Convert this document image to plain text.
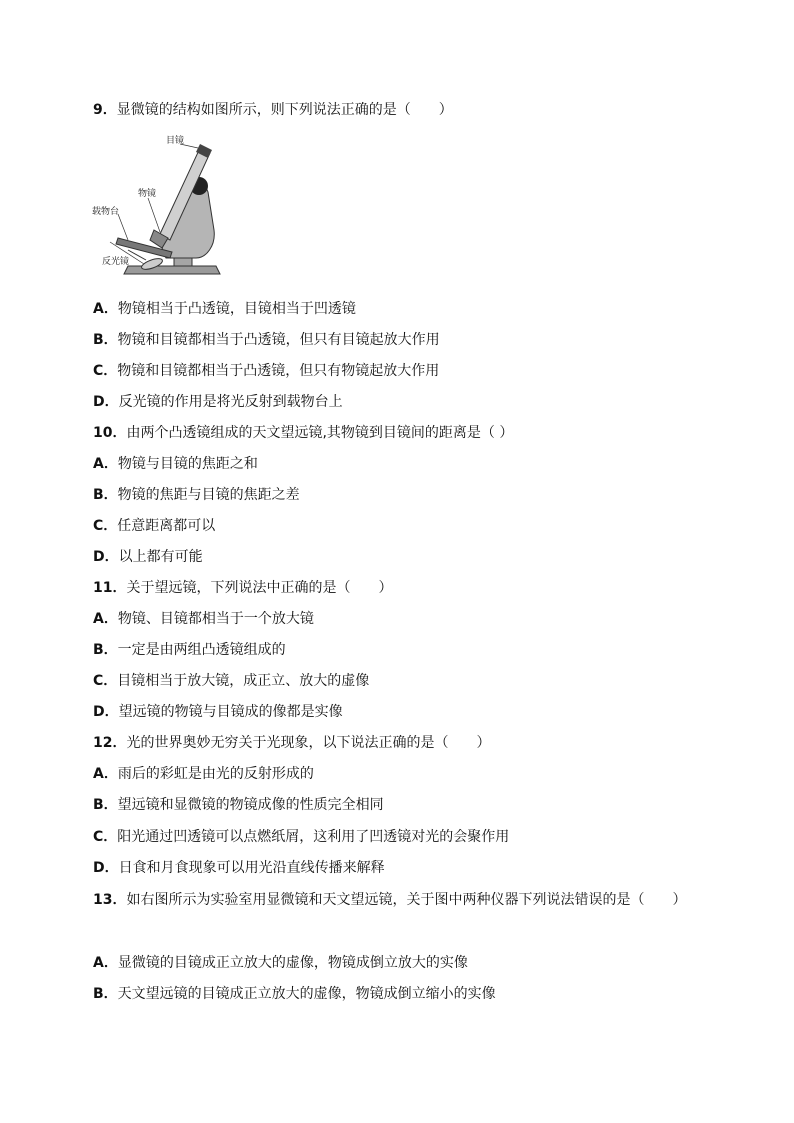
9．显微镜的结构如图所示，则下列说法正确的是（　　）
目镜
物镜
载物台
反光镜
A．物镜相当于凸透镜，目镜相当于凹透镜
B．物镜和目镜都相当于凸透镜，但只有目镜起放大作用
C．物镜和目镜都相当于凸透镜，但只有物镜起放大作用
D．反光镜的作用是将光反射到载物台上
10．由两个凸透镜组成的天文望远镜,其物镜到目镜间的距离是（ ）
A．物镜与目镜的焦距之和
B．物镜的焦距与目镜的焦距之差
C．任意距离都可以
D．以上都有可能
11．关于望远镜，下列说法中正确的是（　　）
A．物镜、目镜都相当于一个放大镜
B．一定是由两组凸透镜组成的
C．目镜相当于放大镜，成正立、放大的虚像
D．望远镜的物镜与目镜成的像都是实像
12．光的世界奥妙无穷关于光现象，以下说法正确的是（　　）
A．雨后的彩虹是由光的反射形成的
B．望远镜和显微镜的物镜成像的性质完全相同
C．阳光通过凹透镜可以点燃纸屑，这利用了凹透镜对光的会聚作用
D．日食和月食现象可以用光沿直线传播来解释
13．如右图所示为实验室用显微镜和天文望远镜，关于图中两种仪器下列说法错误的是（　　）
A．显微镜的目镜成正立放大的虚像，物镜成倒立放大的实像
B．天文望远镜的目镜成正立放大的虚像，物镜成倒立缩小的实像
